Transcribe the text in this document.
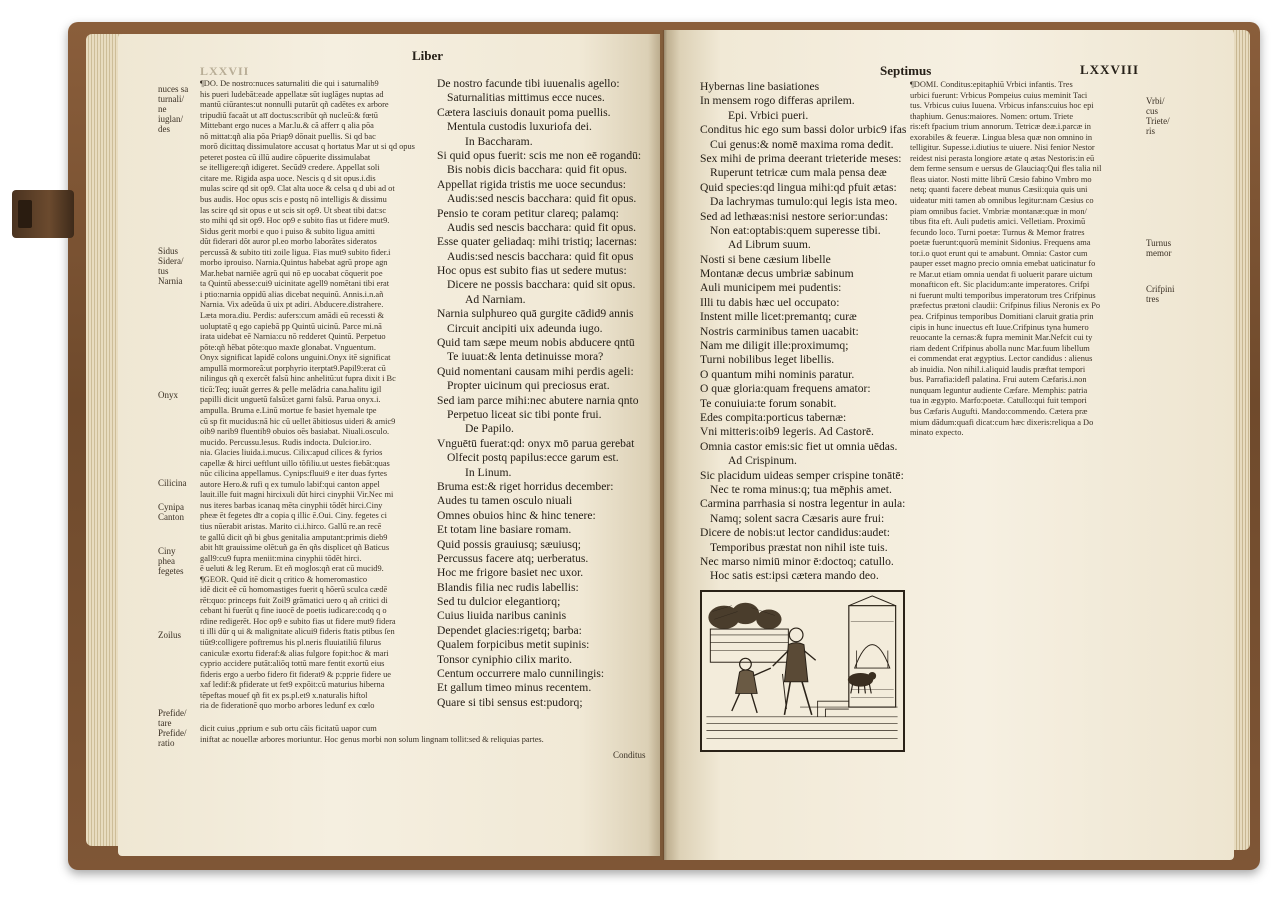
LXXVII
Liber
nuces sa
turnali/
ne
iuglan/
des
Sidus
Sidera/
tus
Narnia
Onyx
Cilicina
Cynipa
Canton
Ciny
phea
fegetes
Zoilus
Prefide/
tare
Prefide/
ratio
¶DO. De nostro:nuces saturnaliti die qui i saturnalib9
his pueri ludebāt:eade appellatæ sūt iuglāges nuptas ad
mantū ciūrantes:ut nonnulli putarūt qñ cadētes ex arbore
tripudiū facaāt ut aīī doctus:scribūt qñ nucleū:& fœtū
Mittebant ergo nuces a Mar.lu.& că afferr q alia pōa
nō mittat:qñ alia pōa Priap9 dōnait puellis. Si qd bac
morō dicittaq dissimulatore accusat q hortatus Mar ut si qd opus
peteret postea cū illū audire cōpuerite dissimulabat
se itelligere:qñ idigeret. Secūd9 credere. Appellat soli
citare me. Rigida aspa uoce. Nescis q d sit opus.i.dis
mulas scire qd sit op9. Clat alta uoce & celsa q d ubi ad ot
bus audis. Hoc opus scis e postq nō intelligis & dissimu
las scire qd sit opus e ut scis sit op9. Ut sbeat tibi dat:sc
sto mihi qd sit op9. Hoc op9 e subito fias ut fidere mut9.
Sidus gerit morbi e quo i puiso & subito ligua amitti
dũt fiderari dõt auror pl.eo morbo laborãtes sideratos
percussã & subito titi zoile ligua. Fias mut9 subito fider.i
morbo iprouiso. Narnia.Quintus habebat agrū prope agn
Mar.hebat narniēe agrū qui nō ep uocabat cōquerit poe
ta Quintū abesse:cui9 uicinitate agell9 nomētani tibi erat
i ptio:narnia oppidū alias dicebat nequinū. Annis.i.n.añ
Narnia. Vix adeūda ū uix pt adiri. Abducere.distrahere.
Læta mora.diu. Perdis: aufers:cum amādi eū recessti &
uoluptatē q ego capiebā pp Quintū uicinū. Parce mi.nā
irata uidebat eē Narnia:cu nō redderet Quintū. Perpetuo
pōte:qñ hēbat pōte:quo maxīe glonabat. Vnguentum.
Onyx significat lapidē colons unguini.Onyx itē significat
ampullā mormoreã:ut porphyrio iterptat9.Papil9:erat cū
nilingus qñ q exercēt falsū hinc anhelitū:ut fupra dixit i Bc
ticū:Teq; iuuāt gerres & pelle melādria cana.halitu igil
papilli dicit unguetū falsū:et garni falsū. Parua onyx.i.
ampulla. Bruma e.Linū mortue fe basiet hyemale tpe
cū sp fit mucidus:nā hic cū uellet ābitiosus uideri & amic9
oib9 narib9 fluentib9 obuios oēs basiabat. Niuali.osculo.
mucido. Percussu.lesus. Rudis indocta. Dulcior.iro.
nia. Glacies liuida.i.mucus. Cilix:apud cilices & fyrios
capellæ & hirci ueftlunt uillo tõfiliu.ut uestes fiebāt:quas
nūc cilicina appellamus. Cynips:fluui9 e iter duas fyrtes
autore Hero.& rufi q ex tumulo labif:qui canton appel
lauit.ille fuit magni hircixuli dūt hirci cinyphii Vir.Nec mi
nus iteres barbas icanaq mēta cinyphii tōdēt hirci.Ciny
pheæ ēt fegetes dīr a copia q illic ē.Oui. Ciny. fegetes ci
tius nūerabit aristas. Marito ci.i.hirco. Gallū re.an recē
te gallū dicit qñ bi gbus genitalia amputant:primis dieb9
abit hīt grauissime olēt:uñ ga ēn qñs displicet qñ Baticus
gall9:cu9 fupra meniit:mina cinyphii tōdēt hirci.
ē ueluti & leg Rerum. Et eñ moglos:qñ erat cū mucid9.
¶GEOR. Quid itē dicit q critico & homeromastico
idē dicit eē cū homomastiges fuerit q hōerū sculca cædē
rēt:quo: princeps fuit Zoil9 grāmatici uero q añ critici di
cebant hi fuerūt q fine iuocē de poetis iudicare:codq q o
rdine redigerēt. Hoc op9 e subito fias ut fidere mut9 fidera
ti illi dūr q ui & malignitate alicui9 fideris ftatis ptibus ſen
tiūt9:colligere poftremus his pl.neris fluuiatiliū filurus
caniculæ exortu fideraf:& alias fulgore fopit:hoc & mari
cyprio accidere putāt:aliōq tottū mare fentit exortū eius
fideris ergo a uerbo fidero fit fiderat9 & p:pprie fidere ue
xaf ledif:& pfiderate ut fet9 expōit:cū maturius hiberna
tēpeftas mouef qñ fit ex ps.pl.et9 x.naturalis hiftol
ria de fiderationē quo morbo arbores ledunf ex cœlo
De nostro facunde tibi iuuenalis agello:
Saturnalitias mittimus ecce nuces.
Cætera lasciuis donauit poma puellis.
Mentula custodis luxuriofa dei.
In Baccharam.
Si quid opus fuerit: scis me non eē rogandū:
Bis nobis dicis bacchara: quid fit opus.
Appellat rigida tristis me uoce secundus:
Audis:sed nescis bacchara: quid fit opus.
Pensio te coram petitur clareq; palamq:
Audis sed nescis bacchara: quid fit opus.
Esse quater geliadaq: mihi tristiq; lacernas:
Audis:sed nescis bacchara: quid fit opus
Hoc opus est subito fias ut sedere mutus:
Dicere ne possis bacchara: quid sit opus.
Ad Narniam.
Narnia sulphureo quā gurgite cādid9 annis
Circuit ancipiti uix adeunda iugo.
Quid tam sæpe meum nobis abducere qntū
Te iuuat:& lenta detinuisse mora?
Quid nomentani causam mihi perdis ageli:
Propter uicinum qui preciosus erat.
Sed iam parce mihi:nec abutere narnia qnto
Perpetuo liceat sic tibi ponte frui.
De Papilo.
Vnguētū fuerat:qd: onyx mō parua gerebat
Olfecit postq papilus:ecce garum est.
In Linum.
Bruma est:& riget horridus december:
Audes tu tamen osculo niuali
Omnes obuios hinc & hinc tenere:
Et totam line basiare romam.
Quid possis grauiusq; sæuiusq;
Percussus facere atq; uerberatus.
Hoc me frigore basiet nec uxor.
Blandis filia nec rudis labellis:
Sed tu dulcior elegantiorq;
Cuius liuida naribus caninis
Dependet glacies:rigetq; barba:
Qualem forpicibus metit supinis:
Tonsor cyniphio cilix marito.
Centum occurrere malo cunnilingis:
Et gallum timeo minus recentem.
Quare si tibi sensus est:pudorq;
dicit cuius ,pprium e sub ortu cāis ficitatū uapor cum
iniftat ac nouellæ arbores moriuntur. Hoc genus morbi non solum lingnam tollit:sed & reliquias partes.
Conditus
Septimus	LXXVIII
Hybernas line basiationes
In mensem rogo differas aprilem.
Epi. Vrbici pueri.
Conditus hic ego sum bassi dolor urbic9 ifas
Cui genus:& nomē maxima roma dedit.
Sex mihi de prima deerant trieteride meses:
Ruperunt tetricæ cum mala pensa deæ
Quid species:qd lingua mihi:qd pfuit ætas:
Da lachrymas tumulo:qui legis ista meo.
Sed ad lethæas:nisi nestore serior:undas:
Non eat:optabis:quem superesse tibi.
Ad Librum suum.
Nosti si bene cæsium libelle
Montanæ decus umbriæ sabinum
Auli municipem mei pudentis:
Illi tu dabis hæc uel occupato:
Instent mille licet:premantq; curæ
Nostris carminibus tamen uacabit:
Nam me diligit ille:proximumq;
Turni nobilibus leget libellis.
O quantum mihi nominis paratur.
O quæ gloria:quam frequens amator:
Te conuiuia:te forum sonabit.
Edes compita:porticus tabernæ:
Vni mitteris:oib9 legeris. Ad Castorē.
Omnia castor emis:sic fiet ut omnia uēdas.
Ad Crispinum.
Sic placidum uideas semper crispine tonātē:
Nec te roma minus:q; tua mēphis amet.
Carmina parrhasia si nostra legentur in aula:
Namq; solent sacra Cæsaris aure frui:
Dicere de nobis:ut lector candidus:audet:
Temporibus præstat non nihil iste tuis.
Nec marso nimiū minor ē:doctoq; catullo.
Hoc satis est:ipsi cætera mando deo.
¶DOMI. Conditus:epitaphiū Vrbici infantis. Tres
urbici fuerunt: Vrbicus Pompeius cuius meminit Taci
tus. Vrbicus cuius Iuuena. Vrbicus infans:cuius hoc epi
thaphium. Genus:maiores. Nomen: ortum. Triete
ris:eft fpacium trium annorum. Tetricæ deæ.i.parcæ in
exorabiles & feueræ. Lingua blesa quæ non omnino in
telligitur. Supesse.i.diutius te uiuere. Nisi fenior Nestor
reidest nisi perasta longiore ætate q ætas Nestoris:in eū
dem ferme sensum e uersus de Glauciaq:Qui fles talia nil
fleas uiator. Nosti mitte librū Cæsio fabino Vmbro mo
netq; quanti facere debeat munus Cæsii:quia quis uni
uideatur miti tamen ab omnibus legitur:nam Cæsius co
piam omnibus faciet. Vmbriæ montanæ:quæ in mon/
tibus fita eft. Auli pudetis amici. Velletiam. Proximū
fecundo loco. Turni poetæ: Turnus & Memor fratres
poetæ fuerunt:quorū meminit Sidonius. Frequens ama
tor.i.o quot erunt qui te amabunt. Omnia: Castor cum
pauper esset magno precio omnia emebat uaticinatur fo
re Mar.ut etiam omnia uendat fi uoluerit parare uictum
monafticon eft. Sic placidum:ante imperatores. Crifpi
ni fuerunt multi temporibus imperatorum tres Crifpinus
præfectus prætoni claudii: Crifpinus filius Neronis ex Po
pea. Crifpinus temporibus Domitiani claruit gratia prin
cipis in hunc inuectus eft Iuue.Crifpinus tyna humero
reuocante la cernas:& fupra meminit Mar.Nefcit cui ty
riam dedent Crifpinus abolla nunc Mar.fuum libellum
ei commendat erat ægyptius. Lector candidus : alienus
ab inuidia. Non nihil.i.aliquid laudis præftat tempori
bus. Parrafia:idefl palatina. Frui autem Cæfaris.i.non
nunquam leguntur audiente Cæfare. Memphis: patria
tua in ægypto. Marfo:poetæ. Catullo:qui fuit tempori
bus Cæfaris Augufti. Mando:commendo. Cætera præ
mium dādum:quafi dicat:cum hæc dixeris:reliqua a Do
minato expecto.
Vrbi/
cus
Triete/
ris
Turnus
memor
Crifpini
tres
